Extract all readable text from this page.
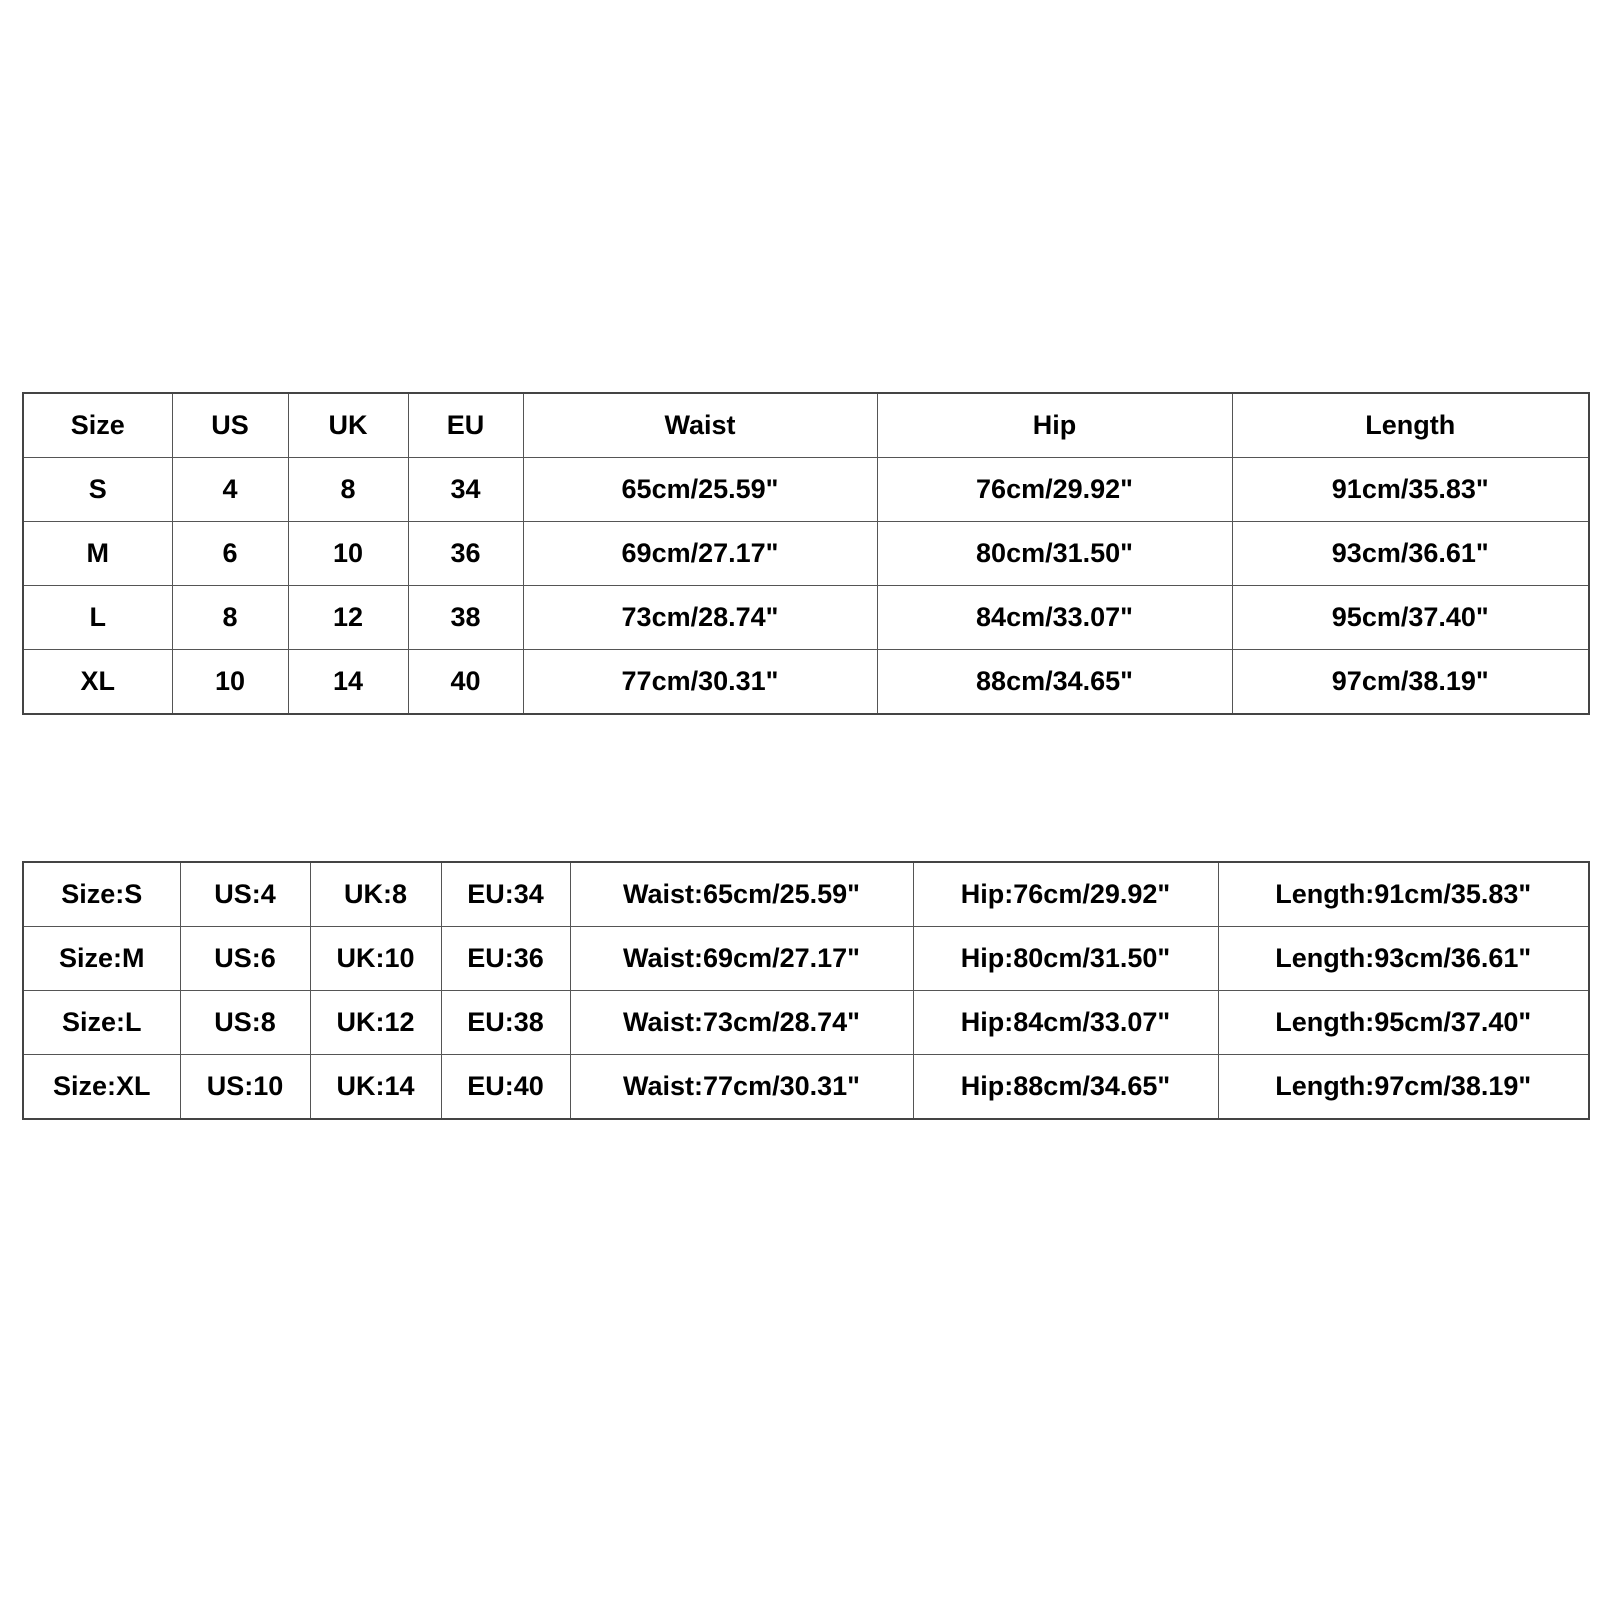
Size	US	UK	EU	Waist	Hip	Length
S	4	8	34	65cm/25.59"	76cm/29.92"	91cm/35.83"
M	6	10	36	69cm/27.17"	80cm/31.50"	93cm/36.61"
L	8	12	38	73cm/28.74"	84cm/33.07"	95cm/37.40"
XL	10	14	40	77cm/30.31"	88cm/34.65"	97cm/38.19"
Size:S	US:4	UK:8	EU:34	Waist:65cm/25.59"	Hip:76cm/29.92"	Length:91cm/35.83"
Size:M	US:6	UK:10	EU:36	Waist:69cm/27.17"	Hip:80cm/31.50"	Length:93cm/36.61"
Size:L	US:8	UK:12	EU:38	Waist:73cm/28.74"	Hip:84cm/33.07"	Length:95cm/37.40"
Size:XL	US:10	UK:14	EU:40	Waist:77cm/30.31"	Hip:88cm/34.65"	Length:97cm/38.19"
